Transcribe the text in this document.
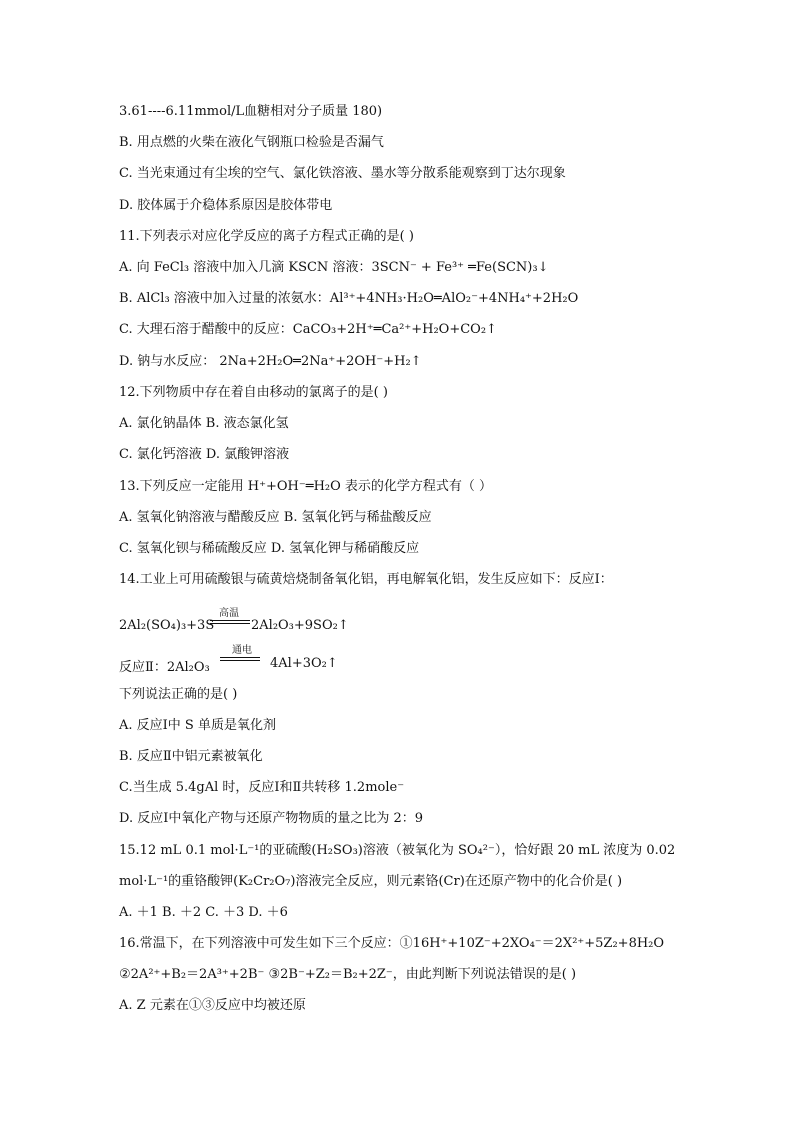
3.61----6.11mmol/L血糖相对分子质量 180)
B. 用点燃的火柴在液化气钢瓶口检验是否漏气
C. 当光束通过有尘埃的空气、氯化铁溶液、墨水等分散系能观察到丁达尔现象
D. 胶体属于介稳体系原因是胶体带电
11.下列表示对应化学反应的离子方程式正确的是( )
A. 向 FeCl₃ 溶液中加入几滴 KSCN 溶液：3SCN⁻ + Fe³⁺ ═Fe(SCN)₃↓
B. AlCl₃ 溶液中加入过量的浓氨水：Al³⁺+4NH₃·H₂O═AlO₂⁻+4NH₄⁺+2H₂O
C. 大理石溶于醋酸中的反应：CaCO₃+2H⁺═Ca²⁺+H₂O+CO₂↑
D. 钠与水反应： 2Na+2H₂O═2Na⁺+2OH⁻+H₂↑
12.下列物质中存在着自由移动的氯离子的是( )
A. 氯化钠晶体 B. 液态氯化氢
C. 氯化钙溶液 D. 氯酸钾溶液
13.下列反应一定能用 H⁺+OH⁻═H₂O 表示的化学方程式有（ ）
A. 氢氧化钠溶液与醋酸反应 B. 氢氧化钙与稀盐酸反应
C. 氢氧化钡与稀硫酸反应 D. 氢氧化钾与稀硝酸反应
14.工业上可用硫酸银与硫黄焙烧制备氧化铝，再电解氧化铝，发生反应如下：反应Ⅰ：
2Al₂(SO₄)₃+3S
高温
2Al₂O₃+9SO₂↑
反应Ⅱ：2Al₂O₃
通电
4Al+3O₂↑
下列说法正确的是( )
A. 反应Ⅰ中 S 单质是氧化剂
B. 反应Ⅱ中铝元素被氧化
C.当生成 5.4gAl 时，反应Ⅰ和Ⅱ共转移 1.2mole⁻
D. 反应Ⅰ中氧化产物与还原产物物质的量之比为 2：9
15.12 mL 0.1 mol·L⁻¹的亚硫酸(H₂SO₃)溶液（被氧化为 SO₄²⁻），恰好跟 20 mL 浓度为 0.02
mol·L⁻¹的重铬酸钾(K₂Cr₂O₇)溶液完全反应，则元素铬(Cr)在还原产物中的化合价是( )
A. ＋1 B. ＋2 C. ＋3 D. ＋6
16.常温下，在下列溶液中可发生如下三个反应：①16H⁺+10Z⁻+2XO₄⁻＝2X²⁺+5Z₂+8H₂O
②2A²⁺+B₂＝2A³⁺+2B⁻ ③2B⁻+Z₂＝B₂+2Z⁻，由此判断下列说法错误的是( )
A. Z 元素在①③反应中均被还原
